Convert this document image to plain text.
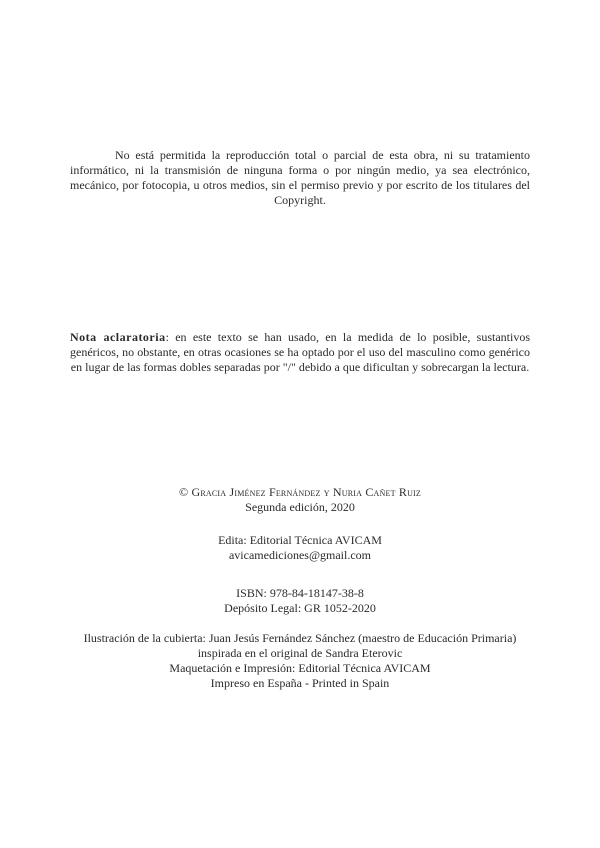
No está permitida la reproducción total o parcial de esta obra, ni su tratamiento informático, ni la transmisión de ninguna forma o por ningún medio, ya sea electrónico, mecánico, por fotocopia, u otros medios, sin el permiso previo y por escrito de los titulares del Copyright.

Nota aclaratoria: en este texto se han usado, en la medida de lo posible, sustantivos genéricos, no obstante, en otras ocasiones se ha optado por el uso del masculino como genérico en lugar de las formas dobles separadas por "/" debido a que dificultan y sobrecargan la lectura.

© Gracia Jiménez Fernández y Nuria Cañet Ruiz
Segunda edición, 2020
Edita: Editorial Técnica AVICAM
avicamediciones@gmail.com
ISBN: 978-84-18147-38-8
Depósito Legal: GR 1052-2020
Ilustración de la cubierta: Juan Jesús Fernández Sánchez (maestro de Educación Primaria)
inspirada en el original de Sandra Eterovic
Maquetación e Impresión: Editorial Técnica AVICAM
Impreso en España - Printed in Spain
